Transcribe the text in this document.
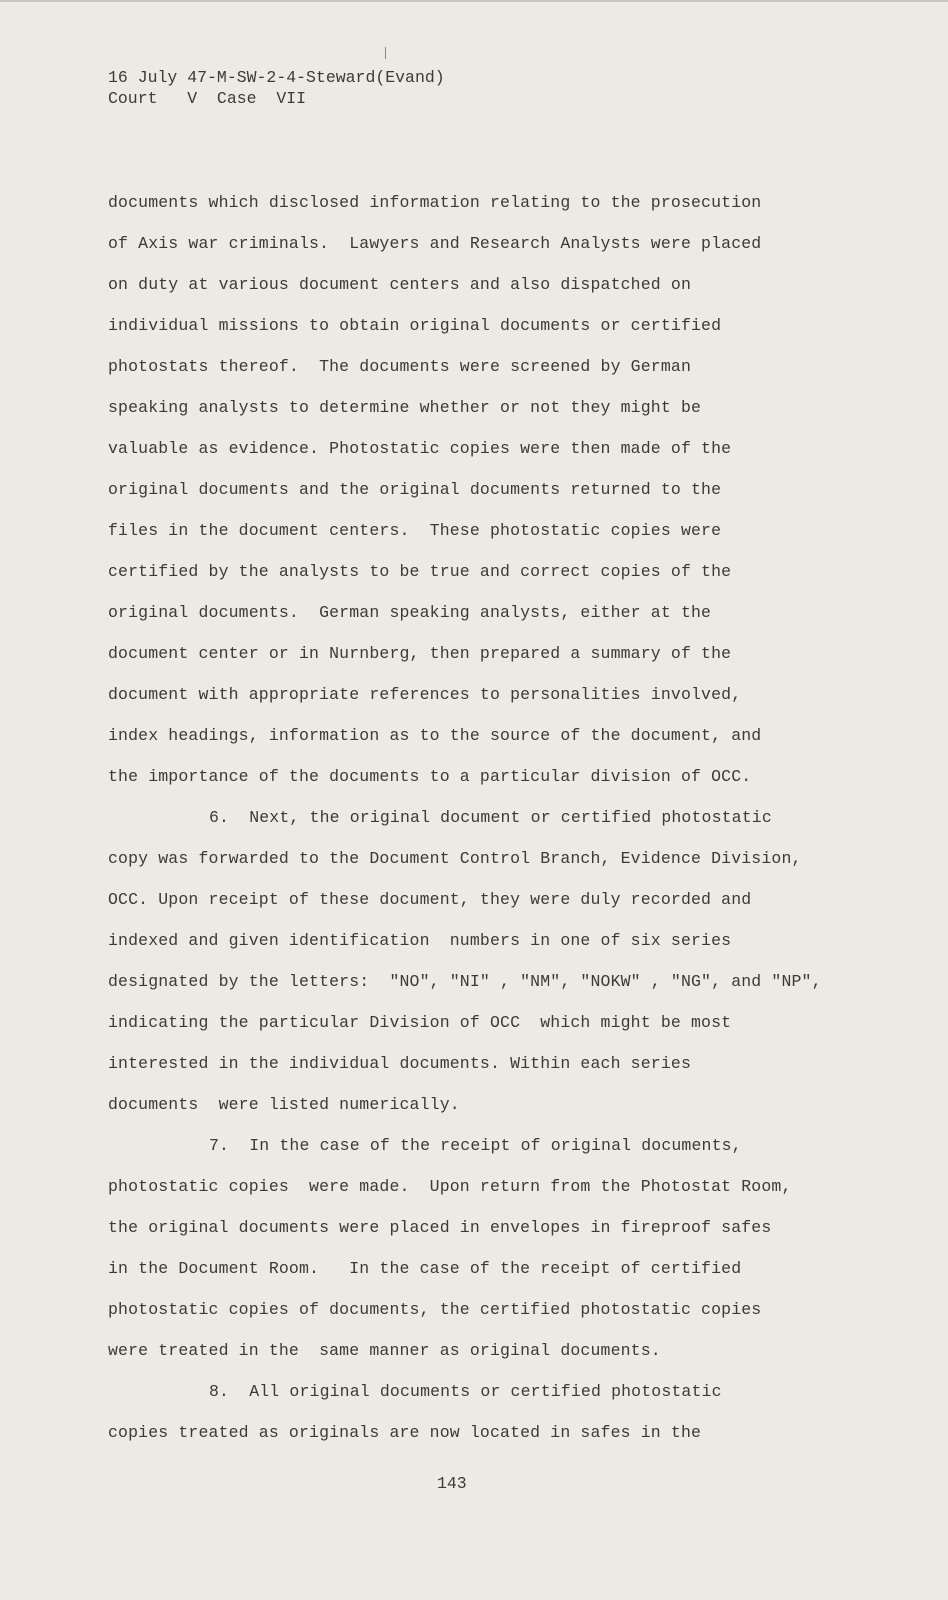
16 July 47-M-SW-2-4-Steward(Evand)
Court   V  Case  VII
documents which disclosed information relating to the prosecution
of Axis war criminals.  Lawyers and Research Analysts were placed
on duty at various document centers and also dispatched on
individual missions to obtain original documents or certified
photostats thereof.  The documents were screened by German
speaking analysts to determine whether or not they might be
valuable as evidence. Photostatic copies were then made of the
original documents and the original documents returned to the
files in the document centers.  These photostatic copies were
certified by the analysts to be true and correct copies of the
original documents.  German speaking analysts, either at the
document center or in Nurnberg, then prepared a summary of the
document with appropriate references to personalities involved,
index headings, information as to the source of the document, and
the importance of the documents to a particular division of OCC.
6.  Next, the original document or certified photostatic
copy was forwarded to the Document Control Branch, Evidence Division,
OCC. Upon receipt of these document, they were duly recorded and
indexed and given identification  numbers in one of six series
designated by the letters:  "NO", "NI" , "NM", "NOKW" , "NG", and "NP",
indicating the particular Division of OCC  which might be most
interested in the individual documents. Within each series
documents  were listed numerically.
7.  In the case of the receipt of original documents,
photostatic copies  were made.  Upon return from the Photostat Room,
the original documents were placed in envelopes in fireproof safes
in the Document Room.   In the case of the receipt of certified
photostatic copies of documents, the certified photostatic copies
were treated in the  same manner as original documents.
8.  All original documents or certified photostatic
copies treated as originals are now located in safes in the
143
